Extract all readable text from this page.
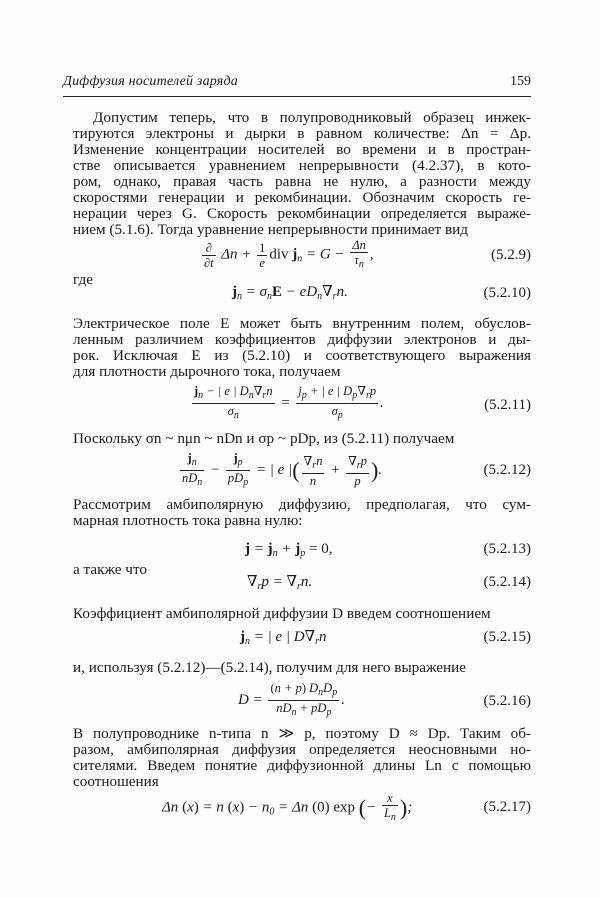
Диффузия носителей заряда	159
Допустим теперь, что в полупроводниковый образец инжек-
тируются электроны и дырки в равном количестве: Δn = Δp.
Изменение концентрации носителей во времени и в простран-
стве описывается уравнением непрерывности (4.2.37), в кото-
ром, однако, правая часть равна не нулю, а разности между
скоростями генерации и рекомбинации. Обозначим скорость ге-
нерации через G. Скорость рекомбинации определяется выраже-
нием (5.1.6). Тогда уравнение непрерывности принимает вид
$\frac{\partial}{\partial t}$ $\Delta n + \frac{1}{e}$ div $j_n = G - \frac{\Delta n}{\tau_n}$ ,	(5.2.9)
где
$j_n = \sigma_nE - eD_n\nabla_rn$.	(5.2.10)
Электрическое поле E может быть внутренним полем, обуслов-
ленным различием коэффициентов диффузии электронов и ды-
рок. Исключая E из (5.2.10) и соответствующего выражения
для плотности дырочного тока, получаем
$\frac{j_n - | e | D_n\nabla_rn}{\sigma_n} = \frac{j_p + | e | D_p\nabla_rp}{\sigma_p}$ .	(5.2.11)
Поскольку σn ~ nμn ~ nDn и σp ~ pDp, из (5.2.11) получаем
$\frac{j_n}{nD_n} - \frac{j_p}{pD_p}$ = | e |( $\frac{\nabla_rn}{n} + \frac{\nabla_rp}{p}$ ).	(5.2.12)
Рассмотрим амбиполярную диффузию, предполагая, что сум-
марная плотность тока равна нулю:
$j = j_n + j_p = 0$,	(5.2.13)
а также что
$\nabla_rp = \nabla_rn$.	(5.2.14)
Коэффициент амбиполярной диффузии D введем соотношением
$j_n$ = | e | $D\nabla_rn$	(5.2.15)
и, используя (5.2.12)—(5.2.14), получим для него выражение
$D = \frac{(n + p) D_nD_p}{nD_n + pD_p}$ .	(5.2.16)
В полупроводнике n-типа n ≫ p, поэтому D ≈ Dp. Таким об-
разом, амбиполярная диффузия определяется неосновными но-
сителями. Введем понятие диффузионной длины Ln с помощью
соотношения
Δn (x) = n $(x) - n_0 = \Delta n$ (0) exp (− $\frac{x}{L_n}$ );	(5.2.17)
